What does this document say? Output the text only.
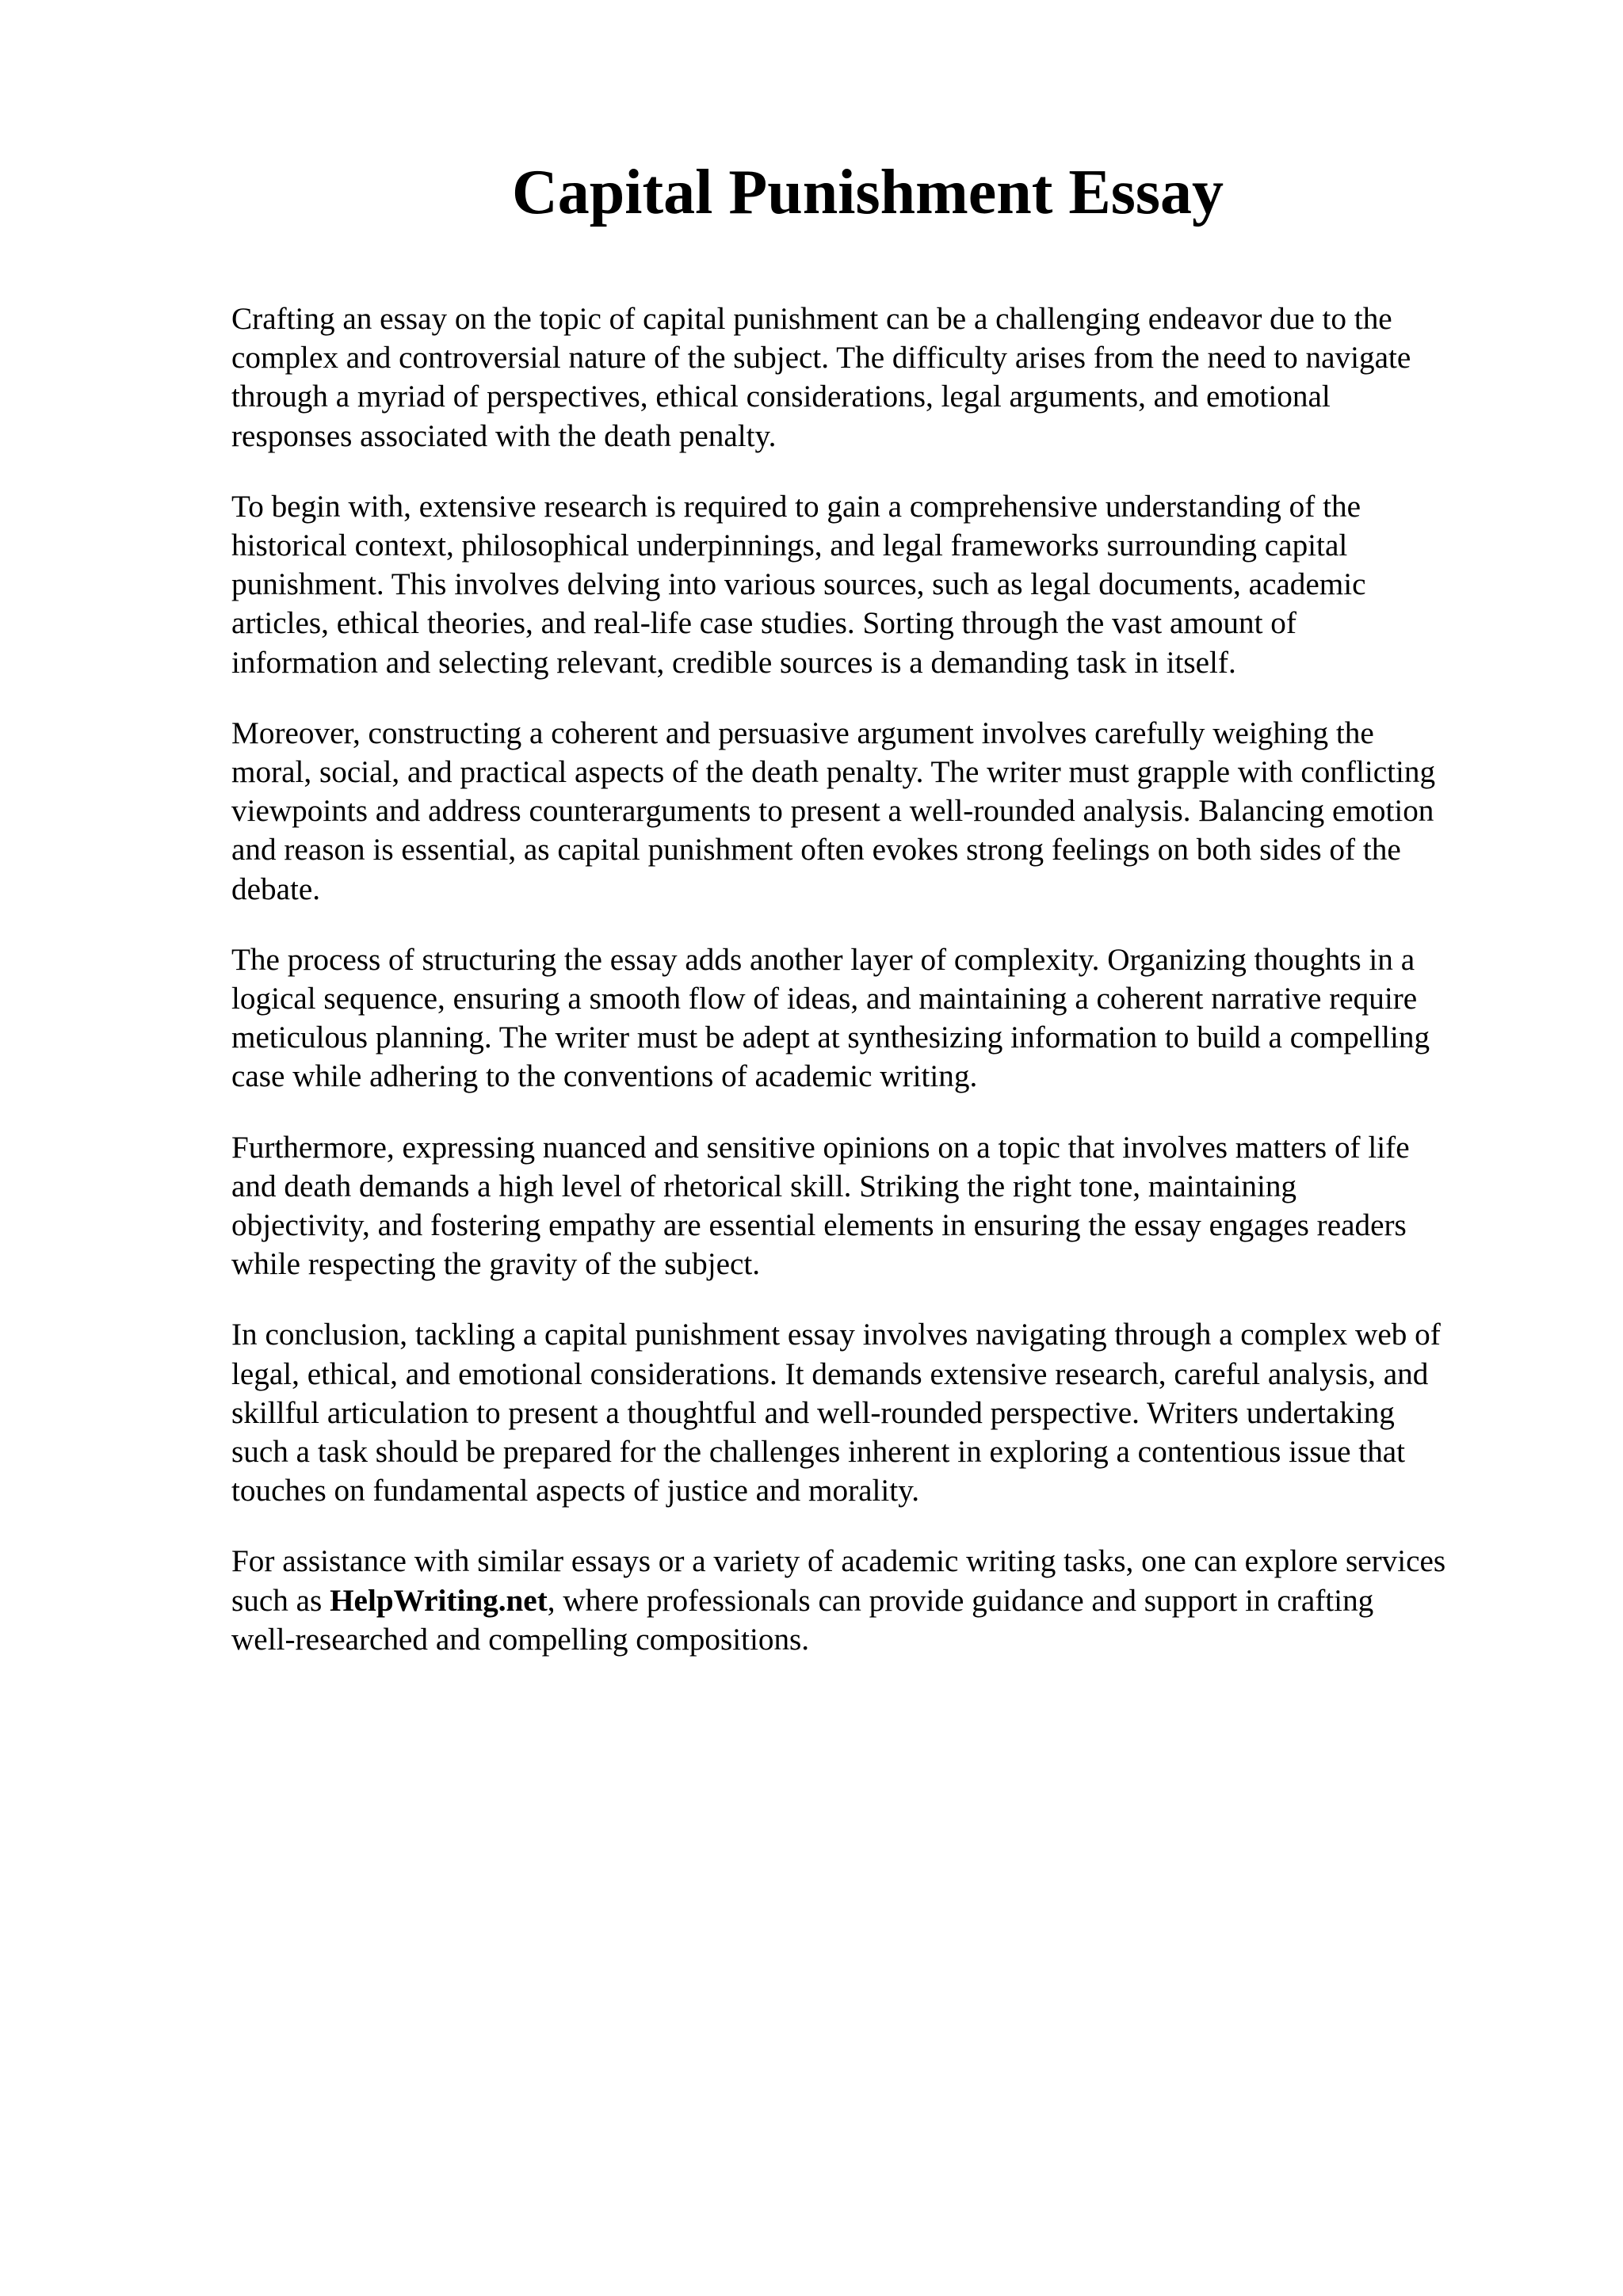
Capital Punishment Essay
Crafting an essay on the topic of capital punishment can be a challenging endeavor due to the
complex and controversial nature of the subject. The difficulty arises from the need to navigate
through a myriad of perspectives, ethical considerations, legal arguments, and emotional
responses associated with the death penalty.
To begin with, extensive research is required to gain a comprehensive understanding of the
historical context, philosophical underpinnings, and legal frameworks surrounding capital
punishment. This involves delving into various sources, such as legal documents, academic
articles, ethical theories, and real-life case studies. Sorting through the vast amount of
information and selecting relevant, credible sources is a demanding task in itself.
Moreover, constructing a coherent and persuasive argument involves carefully weighing the
moral, social, and practical aspects of the death penalty. The writer must grapple with conflicting
viewpoints and address counterarguments to present a well-rounded analysis. Balancing emotion
and reason is essential, as capital punishment often evokes strong feelings on both sides of the
debate.
The process of structuring the essay adds another layer of complexity. Organizing thoughts in a
logical sequence, ensuring a smooth flow of ideas, and maintaining a coherent narrative require
meticulous planning. The writer must be adept at synthesizing information to build a compelling
case while adhering to the conventions of academic writing.
Furthermore, expressing nuanced and sensitive opinions on a topic that involves matters of life
and death demands a high level of rhetorical skill. Striking the right tone, maintaining
objectivity, and fostering empathy are essential elements in ensuring the essay engages readers
while respecting the gravity of the subject.
In conclusion, tackling a capital punishment essay involves navigating through a complex web of
legal, ethical, and emotional considerations. It demands extensive research, careful analysis, and
skillful articulation to present a thoughtful and well-rounded perspective. Writers undertaking
such a task should be prepared for the challenges inherent in exploring a contentious issue that
touches on fundamental aspects of justice and morality.
For assistance with similar essays or a variety of academic writing tasks, one can explore services
such as HelpWriting.net, where professionals can provide guidance and support in crafting
well-researched and compelling compositions.
